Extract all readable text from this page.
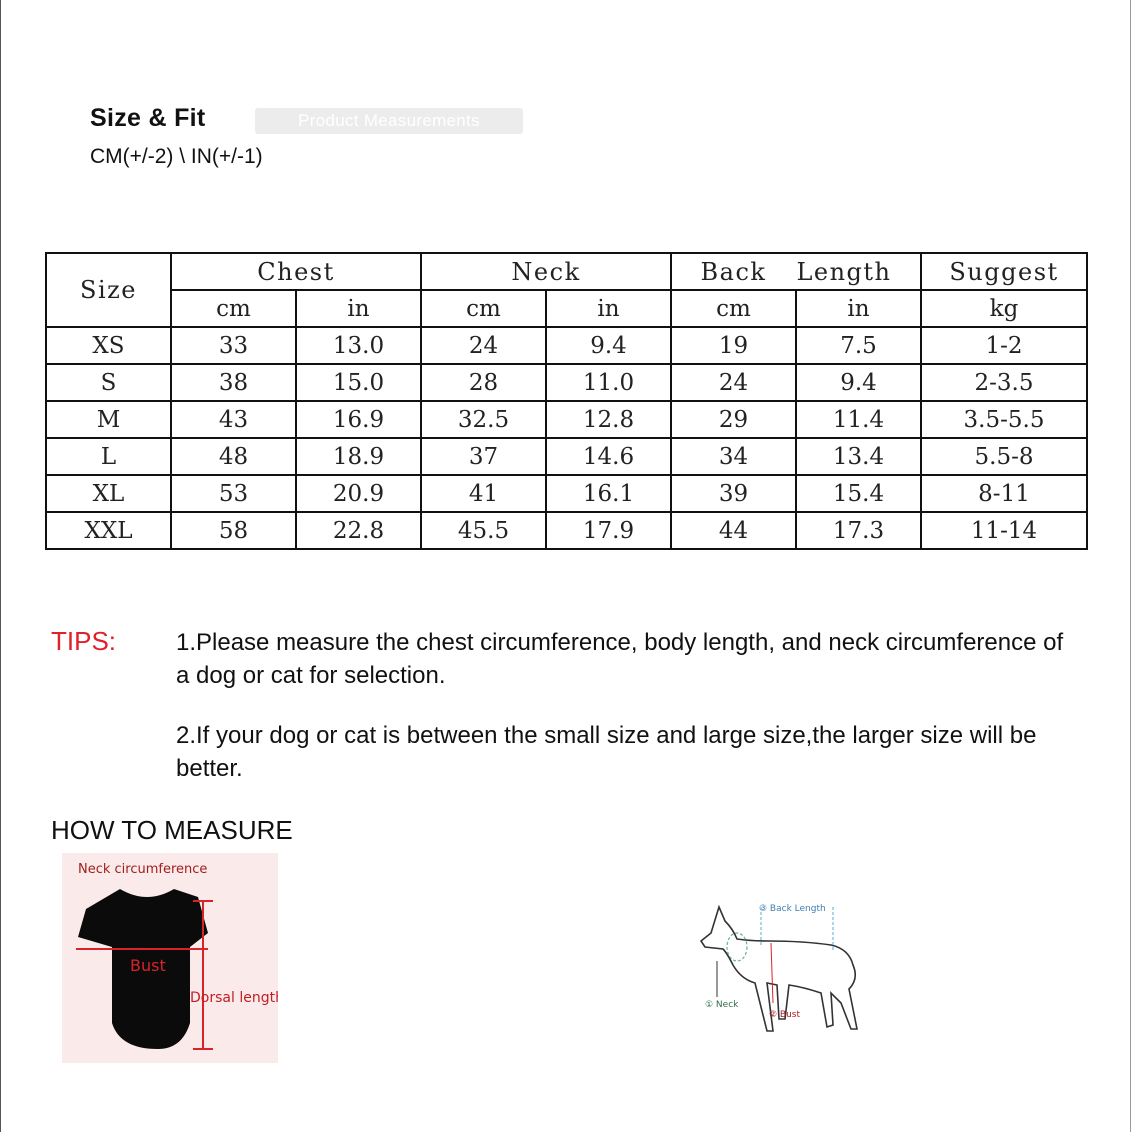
Size & Fit	Product Measurements
CM(+/-2) \ IN(+/-1)
Size	Chest		Neck		Back Length		Suggest
	cm	in	cm	in	cm	in	kg
XS	33	13.0	24	9.4	19	7.5	1-2
S	38	15.0	28	11.0	24	9.4	2-3.5
M	43	16.9	32.5	12.8	29	11.4	3.5-5.5
L	48	18.9	37	14.6	34	13.4	5.5-8
XL	53	20.9	41	16.1	39	15.4	8-11
XXL	58	22.8	45.5	17.9	44	17.3	11-14
TIPS: 1.Please measure the chest circumference, body length, and neck circumference of a dog or cat for selection.
2.If your dog or cat is between the small size and large size,the larger size will be better.
HOW TO MEASURE
Neck circumference
Bust
Dorsal length
③ Back Length
① Neck
② Bust
